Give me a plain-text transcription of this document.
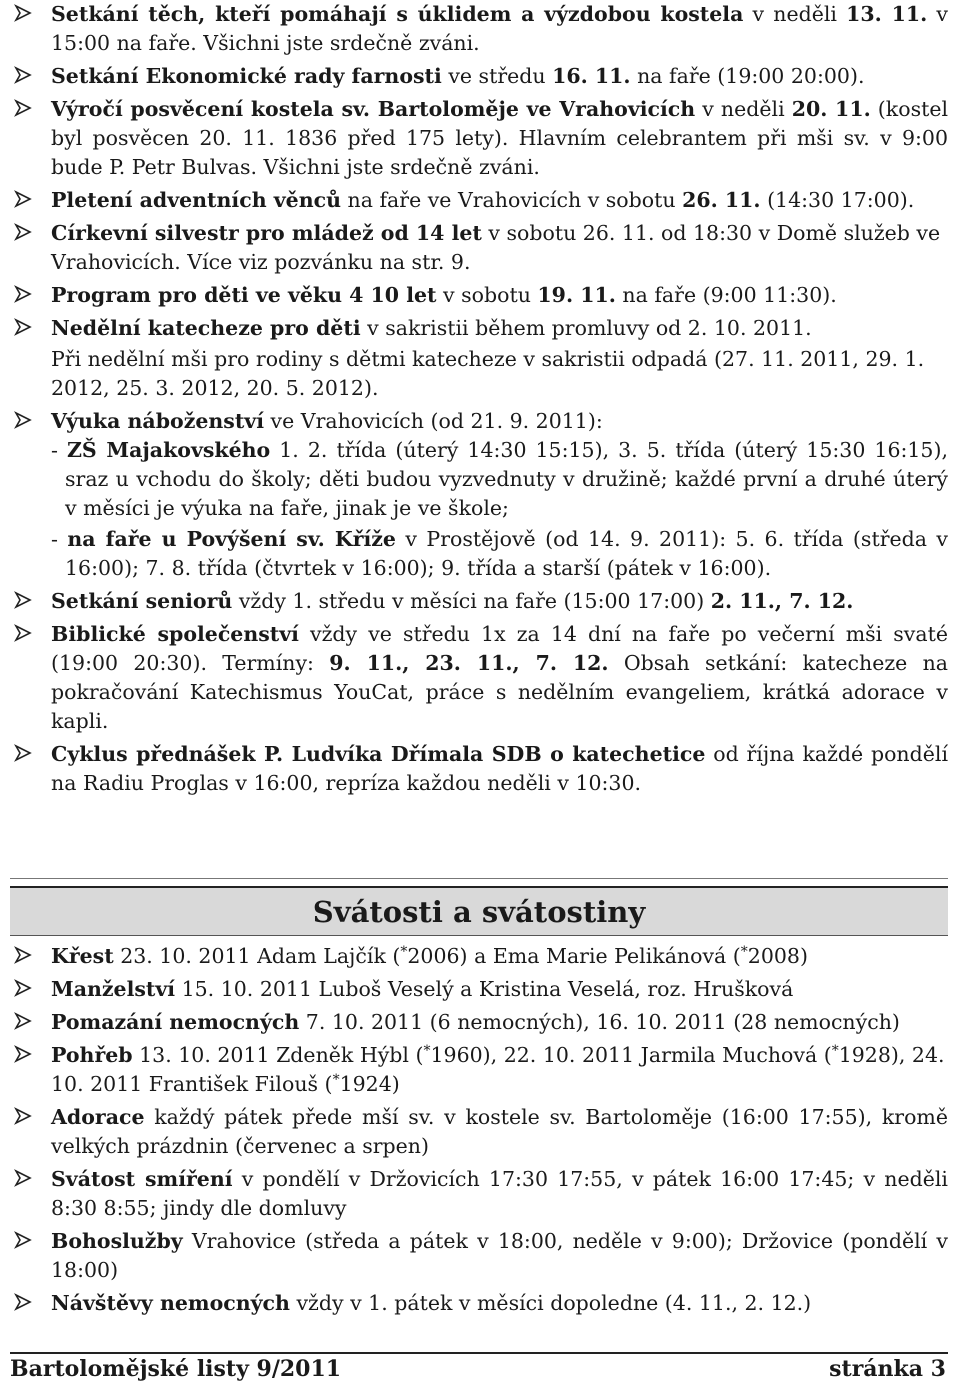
Setkání těch, kteří pomáhají s úklidem a výzdobou kostela v neděli 13. 11. v 15:00 na faře. Všichni jste srdečně zváni.
Setkání Ekonomické rady farnosti ve středu 16. 11. na faře (19:00 20:00).
Výročí posvěcení kostela sv. Bartoloměje ve Vrahovicích v neděli 20. 11. (kostel byl posvěcen 20. 11. 1836 před 175 lety). Hlavním celebrantem při mši sv. v 9:00 bude P. Petr Bulvas. Všichni jste srdečně zváni.
Pletení adventních věnců na faře ve Vrahovicích v sobotu 26. 11. (14:30 17:00).
Církevní silvestr pro mládež od 14 let v sobotu 26. 11. od 18:30 v Domě služeb ve Vrahovicích. Více viz pozvánku na str. 9.
Program pro děti ve věku 4 10 let v sobotu 19. 11. na faře (9:00 11:30).
Nedělní katecheze pro děti v sakristii během promluvy od 2. 10. 2011.
Při nedělní mši pro rodiny s dětmi katecheze v sakristii odpadá (27. 11. 2011, 29. 1. 2012, 25. 3. 2012, 20. 5. 2012).
Výuka náboženství ve Vrahovicích (od 21. 9. 2011):
- ZŠ Majakovského 1. 2. třída (úterý 14:30 15:15), 3. 5. třída (úterý 15:30 16:15), sraz u vchodu do školy; děti budou vyzvednuty v družině; každé první a druhé úterý v měsíci je výuka na faře, jinak je ve škole;
- na faře u Povýšení sv. Kříže v Prostějově (od 14. 9. 2011): 5. 6. třída (středa v 16:00); 7. 8. třída (čtvrtek v 16:00); 9. třída a starší (pátek v 16:00).
Setkání seniorů vždy 1. středu v měsíci na faře (15:00 17:00) 2. 11., 7. 12.
Biblické společenství vždy ve středu 1x za 14 dní na faře po večerní mši svaté (19:00 20:30). Termíny: 9. 11., 23. 11., 7. 12. Obsah setkání: katecheze na pokračování Katechismus YouCat, práce s nedělním evangeliem, krátká adorace v kapli.
Cyklus přednášek P. Ludvíka Dřímala SDB o katechetice od října každé pondělí na Radiu Proglas v 16:00, repríza každou neděli v 10:30.
Svátosti a svátostiny
Křest 23. 10. 2011 Adam Lajčík (*2006) a Ema Marie Pelikánová (*2008)
Manželství 15. 10. 2011 Luboš Veselý a Kristina Veselá, roz. Hrušková
Pomazání nemocných 7. 10. 2011 (6 nemocných), 16. 10. 2011 (28 nemocných)
Pohřeb 13. 10. 2011 Zdeněk Hýbl (*1960), 22. 10. 2011 Jarmila Muchová (*1928), 24. 10. 2011 František Filouš (*1924)
Adorace každý pátek přede mší sv. v kostele sv. Bartoloměje (16:00 17:55), kromě velkých prázdnin (červenec a srpen)
Svátost smíření v pondělí v Držovicích 17:30 17:55, v pátek 16:00 17:45; v neděli 8:30 8:55; jindy dle domluvy
Bohoslužby Vrahovice (středa a pátek v 18:00, neděle v 9:00); Držovice (pondělí v 18:00)
Návštěvy nemocných vždy v 1. pátek v měsíci dopoledne (4. 11., 2. 12.)
Bartolomějské listy 9/2011	stránka 3
